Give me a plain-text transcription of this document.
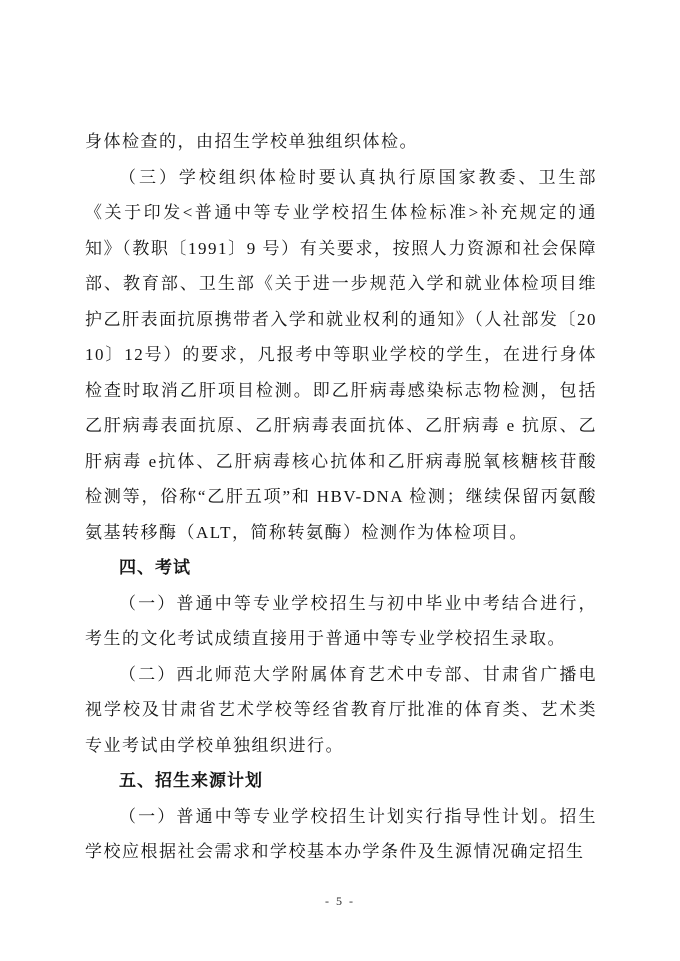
身体检查的，由招生学校单独组织体检。

（三）学校组织体检时要认真执行原国家教委、卫生部《关于印发<普通中等专业学校招生体检标准>补充规定的通知》（教职〔1991〕9 号）有关要求，按照人力资源和社会保障部、教育部、卫生部《关于进一步规范入学和就业体检项目维护乙肝表面抗原携带者入学和就业权利的通知》（人社部发〔2010〕12号）的要求，凡报考中等职业学校的学生，在进行身体检查时取消乙肝项目检测。即乙肝病毒感染标志物检测，包括乙肝病毒表面抗原、乙肝病毒表面抗体、乙肝病毒 e 抗原、乙肝病毒 e抗体、乙肝病毒核心抗体和乙肝病毒脱氧核糖核苷酸检测等，俗称“乙肝五项”和 HBV-DNA 检测；继续保留丙氨酸氨基转移酶（ALT，简称转氨酶）检测作为体检项目。

四、考试

（一）普通中等专业学校招生与初中毕业中考结合进行，考生的文化考试成绩直接用于普通中等专业学校招生录取。

（二）西北师范大学附属体育艺术中专部、甘肃省广播电视学校及甘肃省艺术学校等经省教育厅批准的体育类、艺术类专业考试由学校单独组织进行。

五、招生来源计划

（一）普通中等专业学校招生计划实行指导性计划。招生学校应根据社会需求和学校基本办学条件及生源情况确定招生

- 5 -
